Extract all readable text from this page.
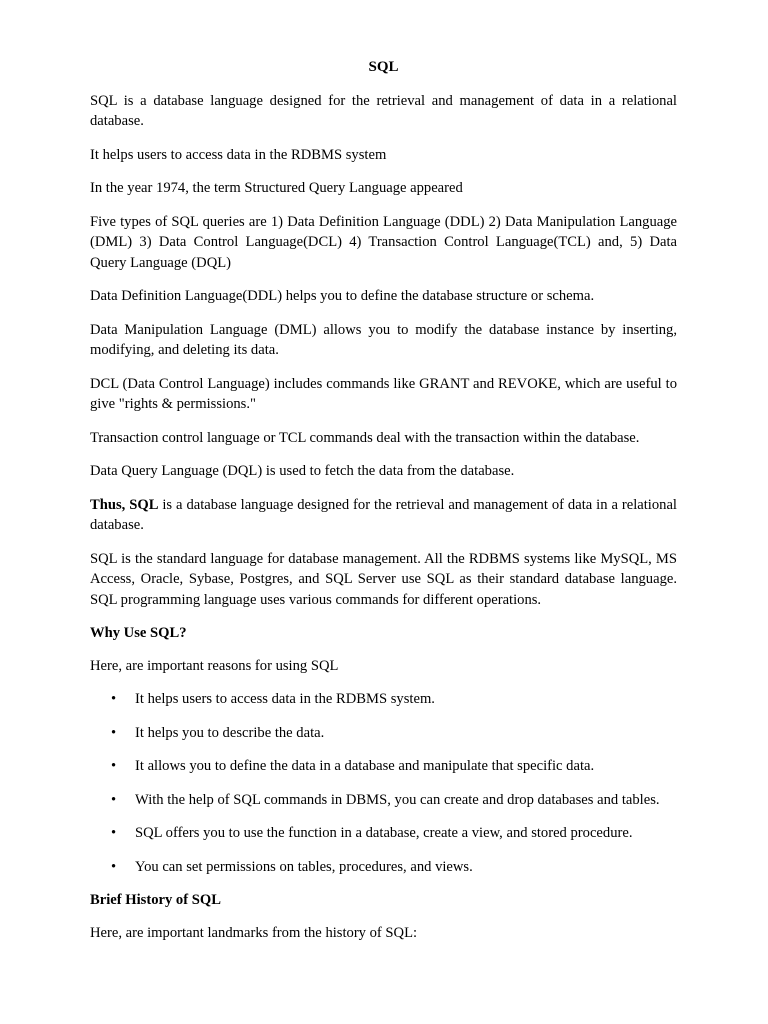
SQL

SQL is a database language designed for the retrieval and management of data in a relational database.

It helps users to access data in the RDBMS system

In the year 1974, the term Structured Query Language appeared

Five types of SQL queries are 1) Data Definition Language (DDL) 2) Data Manipulation Language (DML) 3) Data Control Language(DCL) 4) Transaction Control Language(TCL) and, 5) Data Query Language (DQL)

Data Definition Language(DDL) helps you to define the database structure or schema.

Data Manipulation Language (DML) allows you to modify the database instance by inserting, modifying, and deleting its data.

DCL (Data Control Language) includes commands like GRANT and REVOKE, which are useful to give "rights & permissions."

Transaction control language or TCL commands deal with the transaction within the database.

Data Query Language (DQL) is used to fetch the data from the database.

Thus, SQL is a database language designed for the retrieval and management of data in a relational database.

SQL is the standard language for database management. All the RDBMS systems like MySQL, MS Access, Oracle, Sybase, Postgres, and SQL Server use SQL as their standard database language. SQL programming language uses various commands for different operations.

Why Use SQL?

Here, are important reasons for using SQL

• It helps users to access data in the RDBMS system.
• It helps you to describe the data.
• It allows you to define the data in a database and manipulate that specific data.
• With the help of SQL commands in DBMS, you can create and drop databases and tables.
• SQL offers you to use the function in a database, create a view, and stored procedure.
• You can set permissions on tables, procedures, and views.
Brief History of SQL

Here, are important landmarks from the history of SQL:
